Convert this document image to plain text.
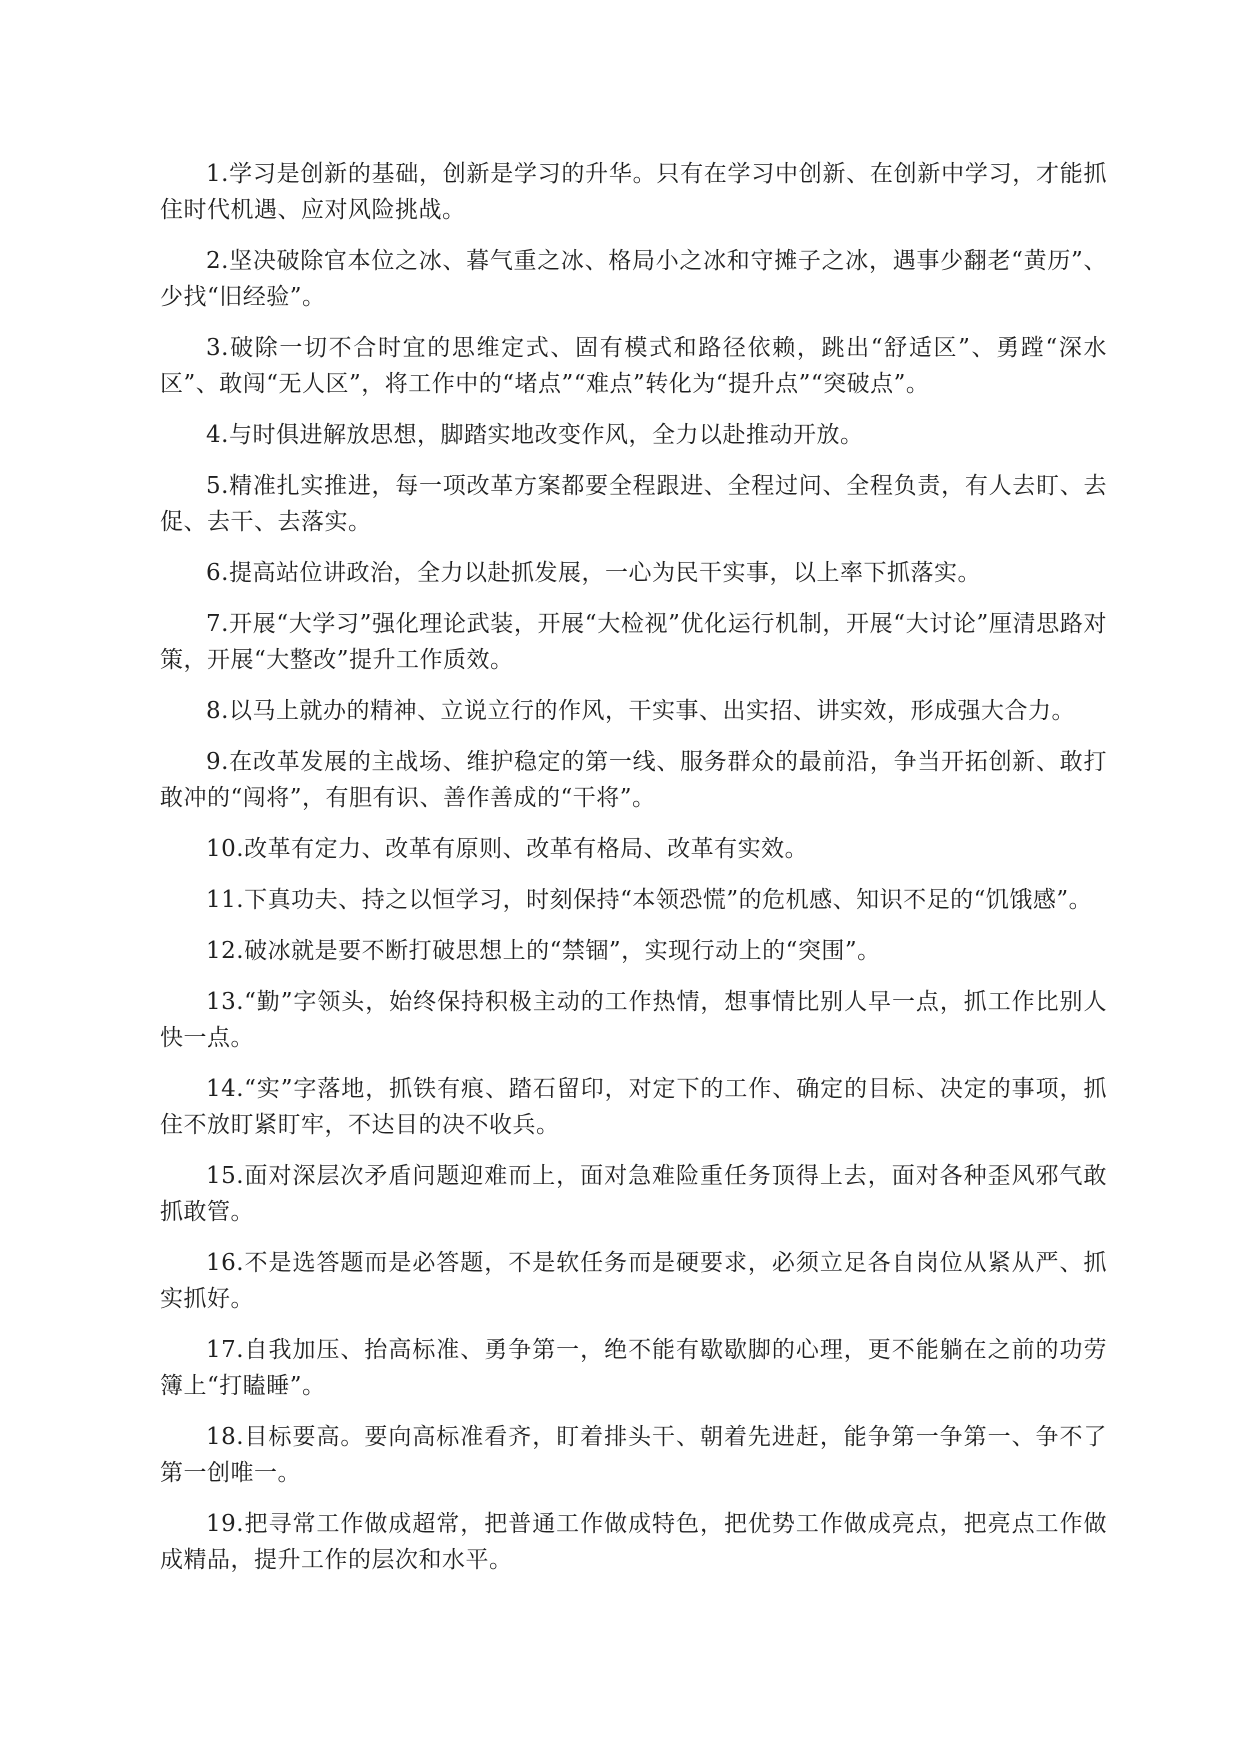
1.学习是创新的基础，创新是学习的升华。只有在学习中创新、在创新中学习，才能抓住时代机遇、应对风险挑战。

2.坚决破除官本位之冰、暮气重之冰、格局小之冰和守摊子之冰，遇事少翻老“黄历”、少找“旧经验”。

3.破除一切不合时宜的思维定式、固有模式和路径依赖，跳出“舒适区”、勇蹚“深水区”、敢闯“无人区”，将工作中的“堵点”“难点”转化为“提升点”“突破点”。

4.与时俱进解放思想，脚踏实地改变作风，全力以赴推动开放。

5.精准扎实推进，每一项改革方案都要全程跟进、全程过问、全程负责，有人去盯、去促、去干、去落实。

6.提高站位讲政治，全力以赴抓发展，一心为民干实事，以上率下抓落实。

7.开展“大学习”强化理论武装，开展“大检视”优化运行机制，开展“大讨论”厘清思路对策，开展“大整改”提升工作质效。

8.以马上就办的精神、立说立行的作风，干实事、出实招、讲实效，形成强大合力。

9.在改革发展的主战场、维护稳定的第一线、服务群众的最前沿，争当开拓创新、敢打敢冲的“闯将”，有胆有识、善作善成的“干将”。

10.改革有定力、改革有原则、改革有格局、改革有实效。

11.下真功夫、持之以恒学习，时刻保持“本领恐慌”的危机感、知识不足的“饥饿感”。

12.破冰就是要不断打破思想上的“禁锢”，实现行动上的“突围”。

13.“勤”字领头，始终保持积极主动的工作热情，想事情比别人早一点，抓工作比别人快一点。

14.“实”字落地，抓铁有痕、踏石留印，对定下的工作、确定的目标、决定的事项，抓住不放盯紧盯牢，不达目的决不收兵。

15.面对深层次矛盾问题迎难而上，面对急难险重任务顶得上去，面对各种歪风邪气敢抓敢管。

16.不是选答题而是必答题，不是软任务而是硬要求，必须立足各自岗位从紧从严、抓实抓好。

17.自我加压、抬高标准、勇争第一，绝不能有歇歇脚的心理，更不能躺在之前的功劳簿上“打瞌睡”。

18.目标要高。要向高标准看齐，盯着排头干、朝着先进赶，能争第一争第一、争不了第一创唯一。

19.把寻常工作做成超常，把普通工作做成特色，把优势工作做成亮点，把亮点工作做成精品，提升工作的层次和水平。
